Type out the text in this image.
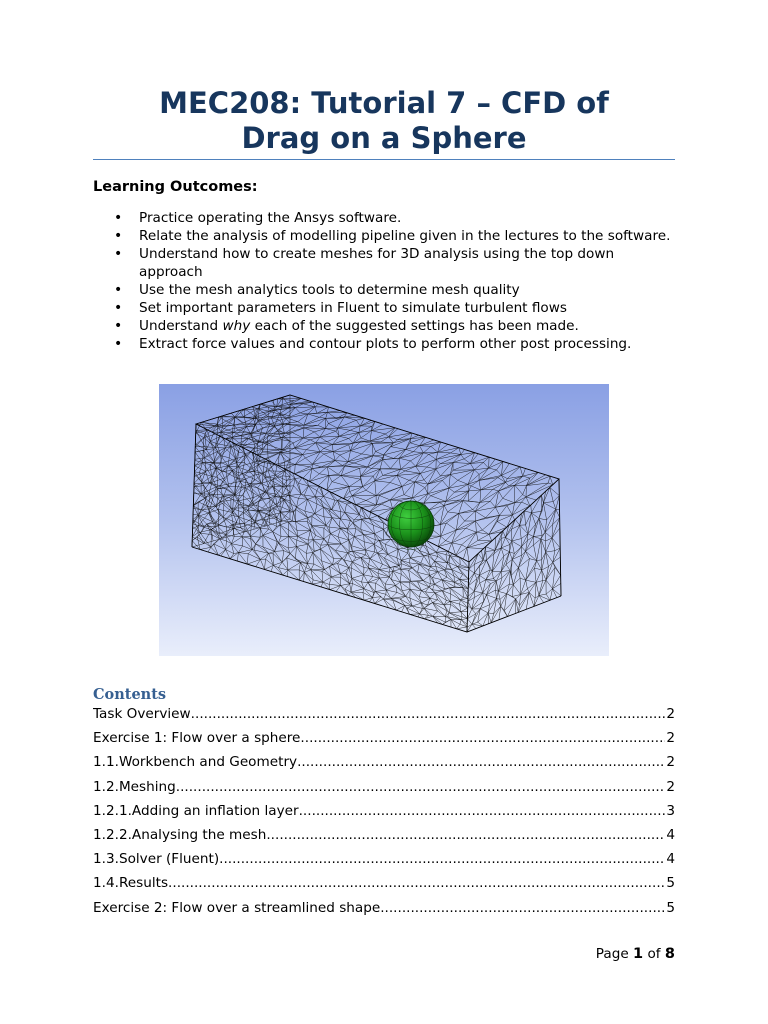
MEC208: Tutorial 7 – CFD of
Drag on a Sphere
Learning Outcomes:
• Practice operating the Ansys software.
• Relate the analysis of modelling pipeline given in the lectures to the software.
• Understand how to create meshes for 3D analysis using the top down approach
• Use the mesh analytics tools to determine mesh quality
• Set important parameters in Fluent to simulate turbulent flows
• Understand why each of the suggested settings has been made.
• Extract force values and contour plots to perform other post processing.
Contents
Task Overview .....	2
Exercise 1: Flow over a sphere .....	2
1.1. Workbench and Geometry .....	2
1.2. Meshing .....	2
1.2.1. Adding an inflation layer .....	3
1.2.2. Analysing the mesh .....	4
1.3. Solver (Fluent) .....	4
1.4. Results .....	5
Exercise 2: Flow over a streamlined shape .....	5
Page 1 of 8
